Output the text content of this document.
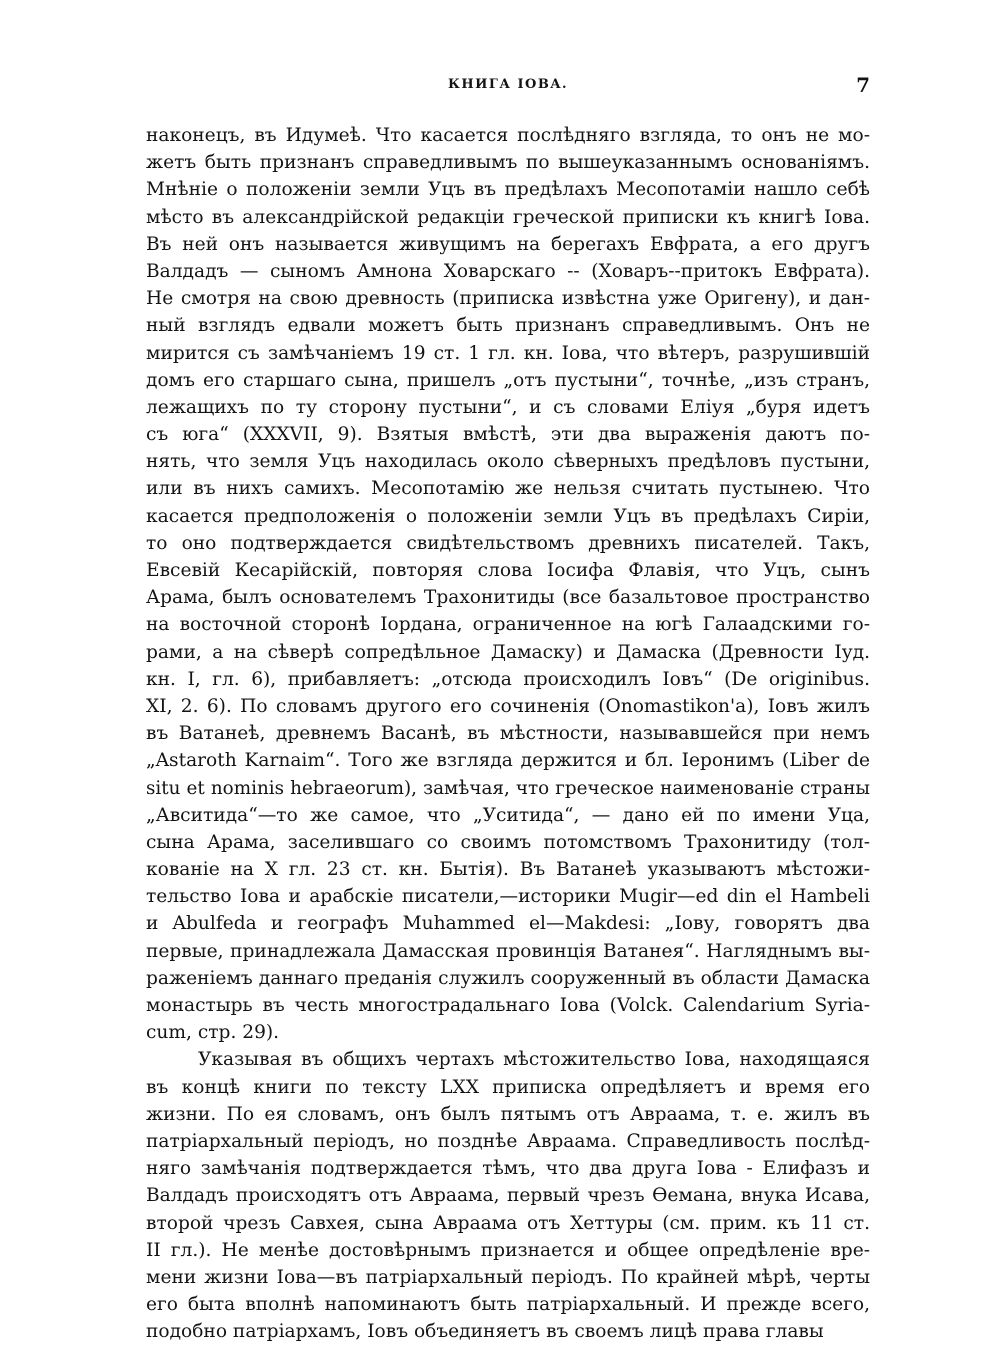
КНИГА IOBA.	7
наконецъ, въ Идумеѣ. Что касается послѣдняго взгляда, то онъ не мо-
жетъ быть признанъ справедливымъ по вышеуказаннымъ основаніямъ.
Мнѣніе о положеніи земли Уцъ въ предѣлахъ Месопотаміи нашло себѣ
мѣсто въ александрійской редакціи греческой приписки къ книгѣ Іова.
Въ ней онъ называется живущимъ на берегахъ Евфрата, а его другъ
Валдадъ — сыномъ Амнона Ховарскаго -- (Ховаръ--притокъ Евфрата).
Не смотря на свою древность (приписка извѣстна уже Оригену), и дан-
ный взглядъ едвали можетъ быть признанъ справедливымъ. Онъ не
мирится съ замѣчаніемъ 19 ст. 1 гл. кн. Іова, что вѣтеръ, разрушившій
домъ его старшаго сына, пришелъ „отъ пустыни“, точнѣе, „изъ странъ,
лежащихъ по ту сторону пустыни“, и съ словами Еліуя „буря идетъ
съ юга“ (XXXVII, 9). Взятыя вмѣстѣ, эти два выраженія даютъ по-
нять, что земля Уцъ находилась около сѣверныхъ предѣловъ пустыни,
или въ нихъ самихъ. Месопотамію же нельзя считать пустынею. Что
касается предположенія о положеніи земли Уцъ въ предѣлахъ Сиріи,
то оно подтверждается свидѣтельствомъ древнихъ писателей. Такъ,
Евсевій Кесарійскій, повторяя слова Іосифа Флавія, что Уцъ, сынъ
Арама, былъ основателемъ Трахонитиды (все базальтовое пространство
на восточной сторонѣ Іордана, ограниченное на югѣ Галаадскими го-
рами, а на сѣверѣ сопредѣльное Дамаску) и Дамаска (Древности Іуд.
кн. I, гл. 6), прибавляетъ: „отсюда происходилъ Іовъ“ (De originibus.
XI, 2. 6). По словамъ другого его сочиненія (Onomastikon'a), Іовъ жилъ
въ Ватанеѣ, древнемъ Васанѣ, въ мѣстности, называвшейся при немъ
„Astaroth Karnaim“. Того же взгляда держится и бл. Іеронимъ (Liber de
situ et nominis hebraeorum), замѣчая, что греческое наименованіе страны
„Авситида“—то же самое, что „Уситида“, — дано ей по имени Уца,
сына Арама, заселившаго со своимъ потомствомъ Трахонитиду (тол-
кованіе на X гл. 23 ст. кн. Бытія). Въ Ватанеѣ указываютъ мѣстожи-
тельство Іова и арабскіе писатели,—историки Mugir—ed din el Hambeli
и Abulfeda и географъ Muhammed el—Makdesi: „Іову, говорятъ два
первые, принадлежала Дамасская провинція Ватанея“. Нагляднымъ вы-
раженіемъ даннаго преданія служилъ сооруженный въ области Дамаска
монастырь въ честь многострадальнаго Іова (Volck. Calendarium Syria-
cum, стр. 29).
Указывая въ общихъ чертахъ мѣстожительство Іова, находящаяся
въ концѣ книги по тексту LXX приписка опредѣляетъ и время его
жизни. По ея словамъ, онъ былъ пятымъ отъ Авраама, т. е. жилъ въ
патріархальный періодъ, но позднѣе Авраама. Справедливость послѣд-
няго замѣчанія подтверждается тѣмъ, что два друга Іова - Елифазъ и
Валдадъ происходятъ отъ Авраама, первый чрезъ Ѳемана, внука Исава,
второй чрезъ Савхея, сына Авраама отъ Хеттуры (см. прим. къ 11 ст.
II гл.). Не менѣе достовѣрнымъ признается и общее опредѣленіе вре-
мени жизни Іова—въ патріархальный періодъ. По крайней мѣрѣ, черты
его быта вполнѣ напоминаютъ быть патріархальный. И прежде всего,
подобно патріархамъ, Іовъ объединяетъ въ своемъ лицѣ права главы
